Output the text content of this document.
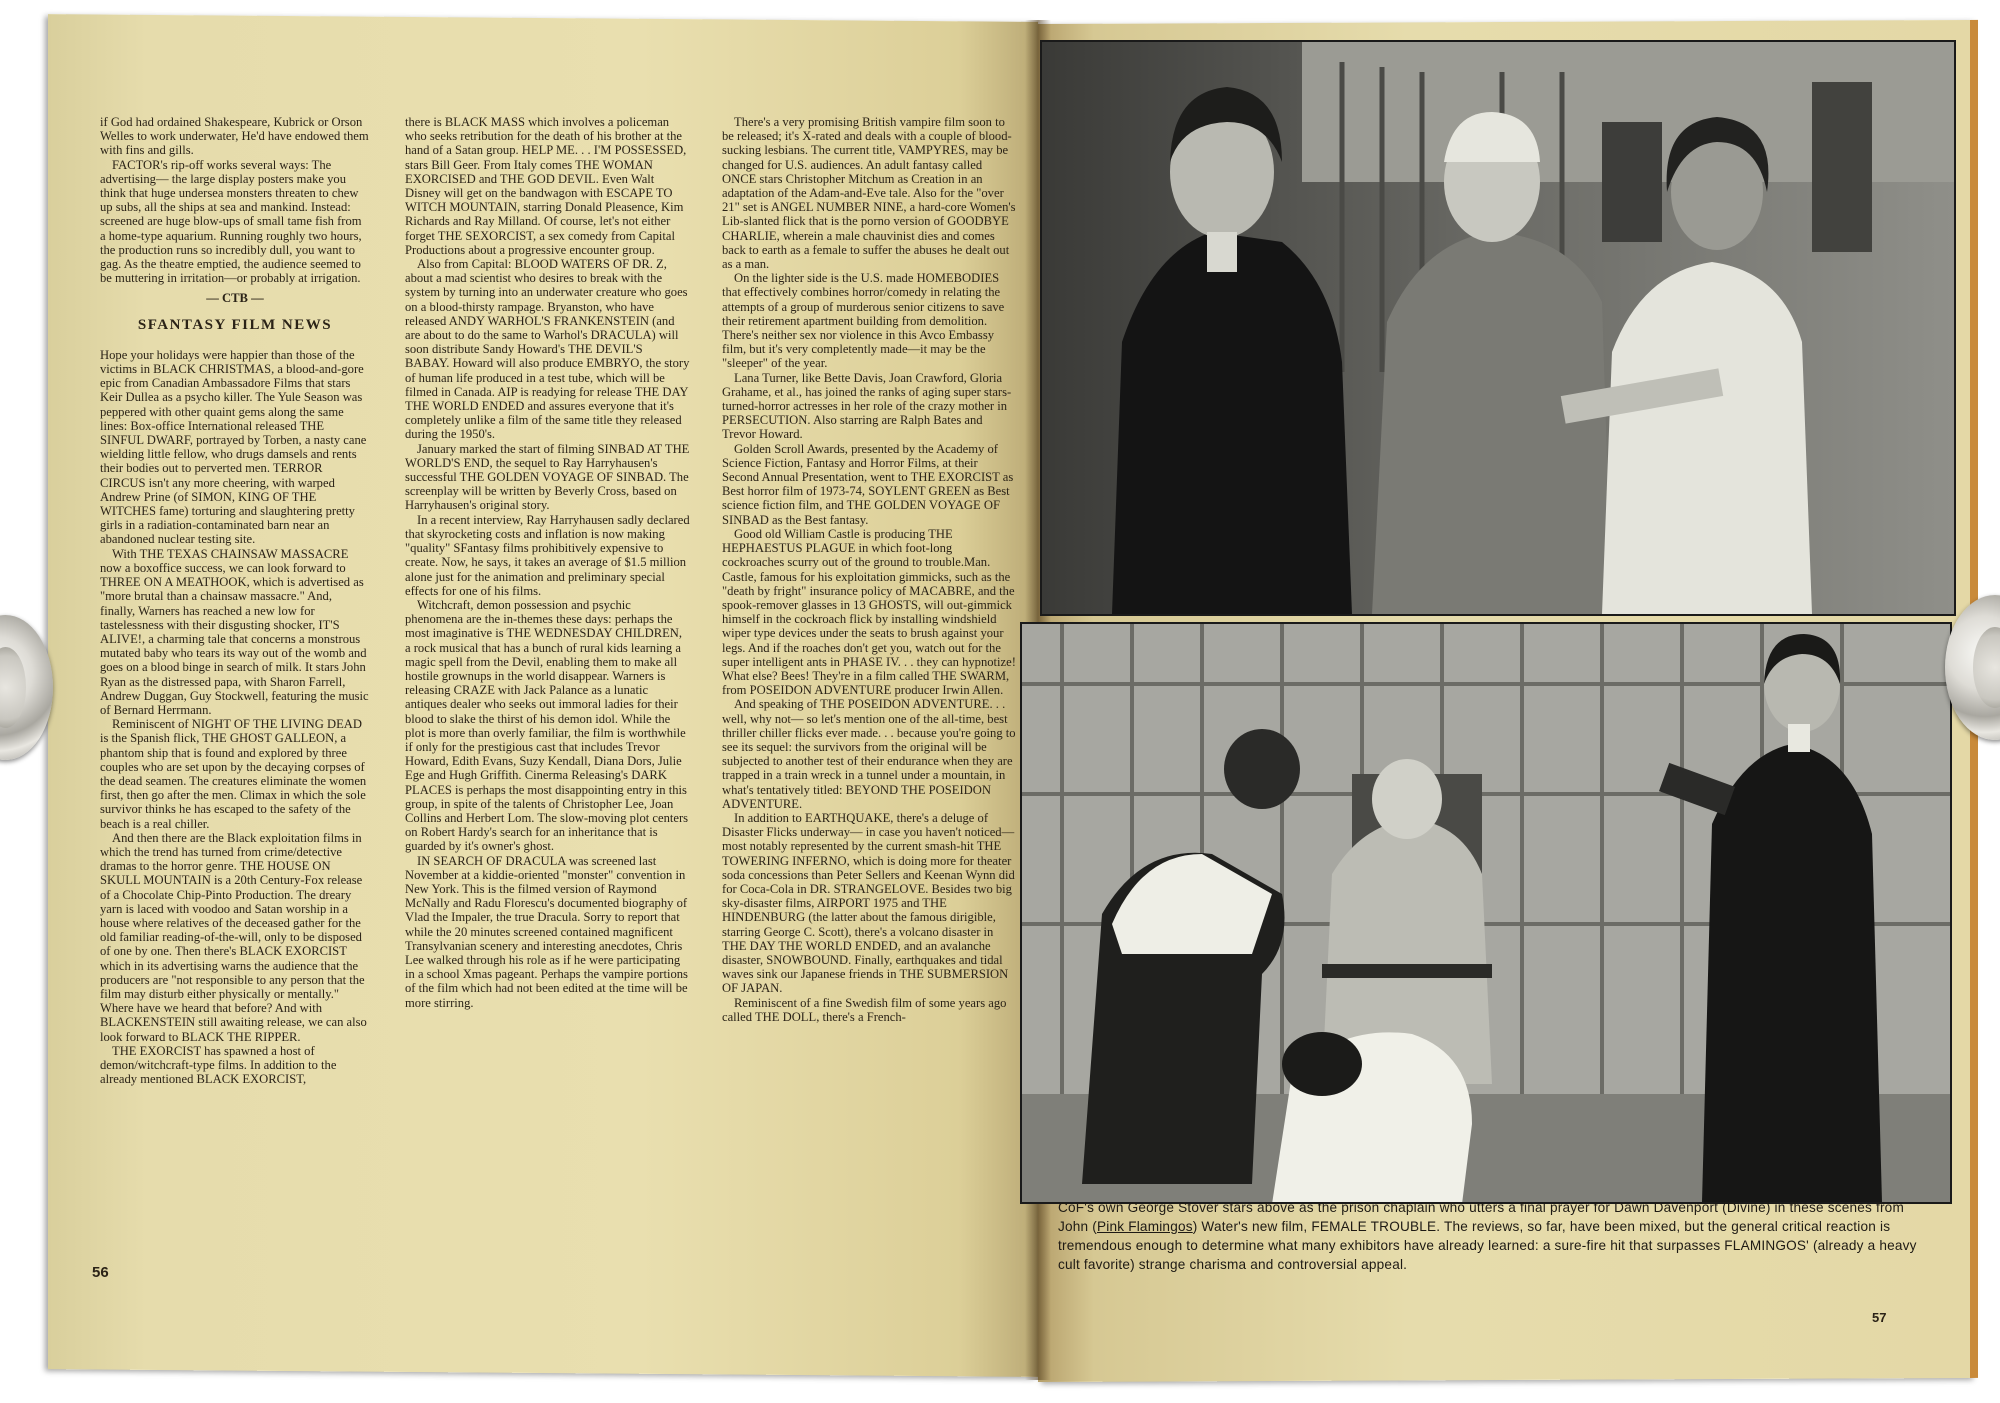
if God had ordained Shakespeare, Kubrick or Orson Welles to work underwater, He'd have endowed them with fins and gills.

FACTOR's rip-off works several ways: The advertising— the large display posters make you think that huge undersea monsters threaten to chew up subs, all the ships at sea and mankind. Instead: screened are huge blow-ups of small tame fish from a home-type aquarium. Running roughly two hours, the production runs so incredibly dull, you want to gag. As the theatre emptied, the audience seemed to be muttering in irritation—or probably at irrigation.

— CTB —

SFANTASY FILM NEWS

Hope your holidays were happier than those of the victims in BLACK CHRISTMAS, a blood-and-gore epic from Canadian Ambassadore Films that stars Keir Dullea as a psycho killer. The Yule Season was peppered with other quaint gems along the same lines: Box-office International released THE SINFUL DWARF, portrayed by Torben, a nasty cane wielding little fellow, who drugs damsels and rents their bodies out to perverted men. TERROR CIRCUS isn't any more cheering, with warped Andrew Prine (of SIMON, KING OF THE WITCHES fame) torturing and slaughtering pretty girls in a radiation-contaminated barn near an abandoned nuclear testing site.

With THE TEXAS CHAINSAW MASSACRE now a boxoffice success, we can look forward to THREE ON A MEATHOOK, which is advertised as "more brutal than a chainsaw massacre." And, finally, Warners has reached a new low for tastelessness with their disgusting shocker, IT'S ALIVE!, a charming tale that concerns a monstrous mutated baby who tears its way out of the womb and goes on a blood binge in search of milk. It stars John Ryan as the distressed papa, with Sharon Farrell, Andrew Duggan, Guy Stockwell, featuring the music of Bernard Herrmann.

Reminiscent of NIGHT OF THE LIVING DEAD is the Spanish flick, THE GHOST GALLEON, a phantom ship that is found and explored by three couples who are set upon by the decaying corpses of the dead seamen. The creatures eliminate the women first, then go after the men. Climax in which the sole survivor thinks he has escaped to the safety of the beach is a real chiller.

And then there are the Black exploitation films in which the trend has turned from crime/detective dramas to the horror genre. THE HOUSE ON SKULL MOUNTAIN is a 20th Century-Fox release of a Chocolate Chip-Pinto Production. The dreary yarn is laced with voodoo and Satan worship in a house where relatives of the deceased gather for the old familiar reading-of-the-will, only to be disposed of one by one. Then there's BLACK EXORCIST which in its advertising warns the audience that the producers are "not responsible to any person that the film may disturb either physically or mentally." Where have we heard that before? And with BLACKENSTEIN still awaiting release, we can also look forward to BLACK THE RIPPER.

THE EXORCIST has spawned a host of demon/witchcraft-type films. In addition to the already mentioned BLACK EXORCIST,

there is BLACK MASS which involves a policeman who seeks retribution for the death of his brother at the hand of a Satan group. HELP ME. . . I'M POSSESSED, stars Bill Geer. From Italy comes THE WOMAN EXORCISED and THE GOD DEVIL. Even Walt Disney will get on the bandwagon with ESCAPE TO WITCH MOUNTAIN, starring Donald Pleasence, Kim Richards and Ray Milland. Of course, let's not either forget THE SEXORCIST, a sex comedy from Capital Productions about a progressive encounter group.

Also from Capital: BLOOD WATERS OF DR. Z, about a mad scientist who desires to break with the system by turning into an underwater creature who goes on a blood-thirsty rampage. Bryanston, who have released ANDY WARHOL'S FRANKENSTEIN (and are about to do the same to Warhol's DRACULA) will soon distribute Sandy Howard's THE DEVIL'S BABAY. Howard will also produce EMBRYO, the story of human life produced in a test tube, which will be filmed in Canada. AIP is readying for release THE DAY THE WORLD ENDED and assures everyone that it's completely unlike a film of the same title they released during the 1950's.

January marked the start of filming SINBAD AT THE WORLD'S END, the sequel to Ray Harryhausen's successful THE GOLDEN VOYAGE OF SINBAD. The screenplay will be written by Beverly Cross, based on Harryhausen's original story.

In a recent interview, Ray Harryhausen sadly declared that skyrocketing costs and inflation is now making "quality" SFantasy films prohibitively expensive to create. Now, he says, it takes an average of $1.5 million alone just for the animation and preliminary special effects for one of his films.

Witchcraft, demon possession and psychic phenomena are the in-themes these days: perhaps the most imaginative is THE WEDNESDAY CHILDREN, a rock musical that has a bunch of rural kids learning a magic spell from the Devil, enabling them to make all hostile grownups in the world disappear. Warners is releasing CRAZE with Jack Palance as a lunatic antiques dealer who seeks out immoral ladies for their blood to slake the thirst of his demon idol. While the plot is more than overly familiar, the film is worthwhile if only for the prestigious cast that includes Trevor Howard, Edith Evans, Suzy Kendall, Diana Dors, Julie Ege and Hugh Griffith. Cinerma Releasing's DARK PLACES is perhaps the most disappointing entry in this group, in spite of the talents of Christopher Lee, Joan Collins and Herbert Lom. The slow-moving plot centers on Robert Hardy's search for an inheritance that is guarded by it's owner's ghost.

IN SEARCH OF DRACULA was screened last November at a kiddie-oriented "monster" convention in New York. This is the filmed version of Raymond McNally and Radu Florescu's documented biography of Vlad the Impaler, the true Dracula. Sorry to report that while the 20 minutes screened contained magnificent Transylvanian scenery and interesting anecdotes, Chris Lee walked through his role as if he were participating in a school Xmas pageant. Perhaps the vampire portions of the film which had not been edited at the time will be more stirring.

There's a very promising British vampire film soon to be released; it's X-rated and deals with a couple of blood-sucking lesbians. The current title, VAMPYRES, may be changed for U.S. audiences. An adult fantasy called ONCE stars Christopher Mitchum as Creation in an adaptation of the Adam-and-Eve tale. Also for the "over 21" set is ANGEL NUMBER NINE, a hard-core Women's Lib-slanted flick that is the porno version of GOODBYE CHARLIE, wherein a male chauvinist dies and comes back to earth as a female to suffer the abuses he dealt out as a man.

On the lighter side is the U.S. made HOMEBODIES that effectively combines horror/comedy in relating the attempts of a group of murderous senior citizens to save their retirement apartment building from demolition. There's neither sex nor violence in this Avco Embassy film, but it's very completently made—it may be the "sleeper" of the year.

Lana Turner, like Bette Davis, Joan Crawford, Gloria Grahame, et al., has joined the ranks of aging super stars-turned-horror actresses in her role of the crazy mother in PERSECUTION. Also starring are Ralph Bates and Trevor Howard.

Golden Scroll Awards, presented by the Academy of Science Fiction, Fantasy and Horror Films, at their Second Annual Presentation, went to THE EXORCIST as Best horror film of 1973-74, SOYLENT GREEN as Best science fiction film, and THE GOLDEN VOYAGE OF SINBAD as the Best fantasy.

Good old William Castle is producing THE HEPHAESTUS PLAGUE in which foot-long cockroaches scurry out of the ground to trouble.Man. Castle, famous for his exploitation gimmicks, such as the "death by fright" insurance policy of MACABRE, and the spook-remover glasses in 13 GHOSTS, will out-gimmick himself in the cockroach flick by installing windshield wiper type devices under the seats to brush against your legs. And if the roaches don't get you, watch out for the super intelligent ants in PHASE IV. . . they can hypnotize! What else? Bees! They're in a film called THE SWARM, from POSEIDON ADVENTURE producer Irwin Allen.

And speaking of THE POSEIDON ADVENTURE. . . well, why not— so let's mention one of the all-time, best thriller chiller flicks ever made. . . because you're going to see its sequel: the survivors from the original will be subjected to another test of their endurance when they are trapped in a train wreck in a tunnel under a mountain, in what's tentatively titled: BEYOND THE POSEIDON ADVENTURE.

In addition to EARTHQUAKE, there's a deluge of Disaster Flicks underway— in case you haven't noticed— most notably represented by the current smash-hit THE TOWERING INFERNO, which is doing more for theater soda concessions than Peter Sellers and Keenan Wynn did for Coca-Cola in DR. STRANGELOVE. Besides two big sky-disaster films, AIRPORT 1975 and THE HINDENBURG (the latter about the famous dirigible, starring George C. Scott), there's a volcano disaster in THE DAY THE WORLD ENDED, and an avalanche disaster, SNOWBOUND. Finally, earthquakes and tidal waves sink our Japanese friends in THE SUBMERSION OF JAPAN.

Reminiscent of a fine Swedish film of some years ago called THE DOLL, there's a French-

56
CoF's own George Stover stars above as the prison chaplain who utters a final prayer for Dawn Davenport (Divine) in these scenes from John (Pink Flamingos) Water's new film, FEMALE TROUBLE. The reviews, so far, have been mixed, but the general critical reaction is tremendous enough to determine what many exhibitors have already learned: a sure-fire hit that surpasses FLAMINGOS' (already a heavy cult favorite) strange charisma and controversial appeal.
57
